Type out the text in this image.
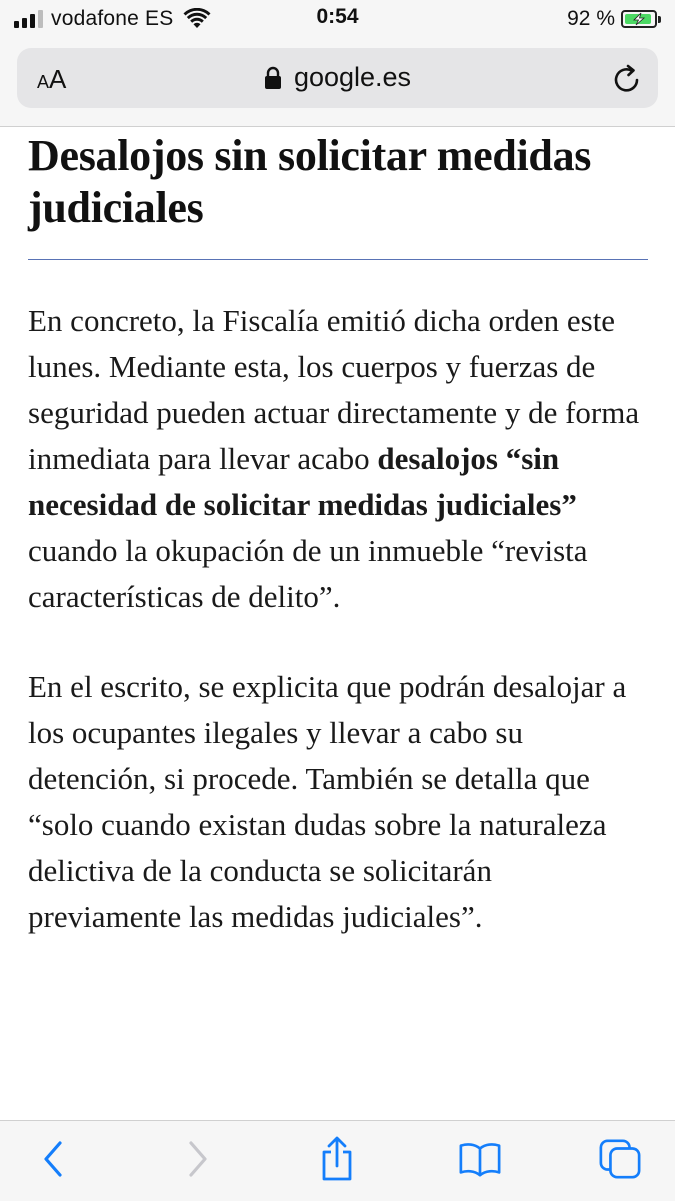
vodafone ES	0:54	92 %
AA	google.es
Desalojos sin solicitar medidas judiciales

En concreto, la Fiscalía emitió dicha orden este lunes. Mediante esta, los cuerpos y fuerzas de seguridad pueden actuar directamente y de forma inmediata para llevar acabo desalojos “sin necesidad de solicitar medidas judiciales” cuando la okupación de un inmueble “revista características de delito”.

En el escrito, se explicita que podrán desalojar a los ocupantes ilegales y llevar a cabo su detención, si procede. También se detalla que “solo cuando existan dudas sobre la naturaleza delictiva de la conducta se solicitarán previamente las medidas judiciales”.
